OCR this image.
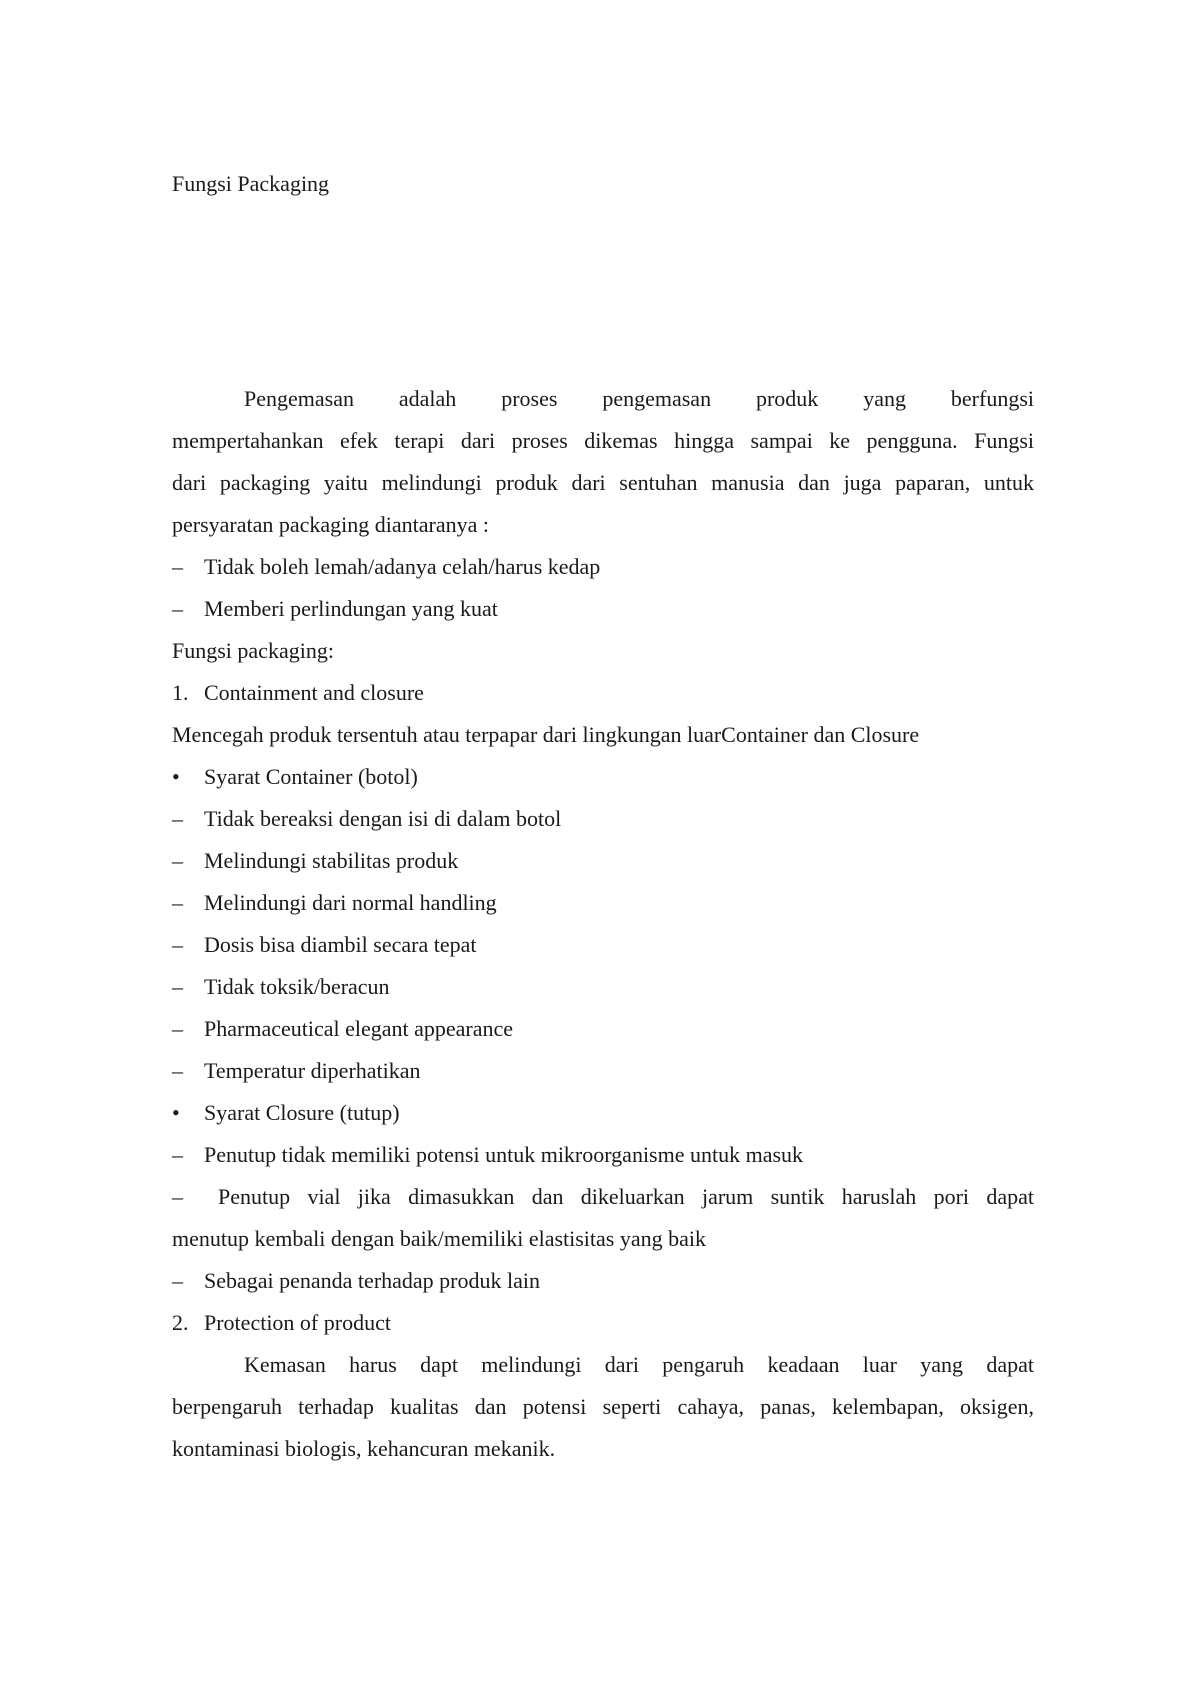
Fungsi Packaging
Pengemasan adalah proses pengemasan produk yang berfungsi
mempertahankan efek terapi dari proses dikemas hingga sampai ke pengguna. Fungsi
dari packaging yaitu melindungi produk dari sentuhan manusia dan juga paparan, untuk
persyaratan packaging diantaranya :
– Tidak boleh lemah/adanya celah/harus kedap
– Memberi perlindungan yang kuat
Fungsi packaging:
1. Containment and closure
Mencegah produk tersentuh atau terpapar dari lingkungan luarContainer dan Closure
• Syarat Container (botol)
– Tidak bereaksi dengan isi di dalam botol
– Melindungi stabilitas produk
– Melindungi dari normal handling
– Dosis bisa diambil secara tepat
– Tidak toksik/beracun
– Pharmaceutical elegant appearance
– Temperatur diperhatikan
• Syarat Closure (tutup)
– Penutup tidak memiliki potensi untuk mikroorganisme untuk masuk
–	Penutup vial jika dimasukkan dan dikeluarkan jarum suntik haruslah pori dapat
menutup kembali dengan baik/memiliki elastisitas yang baik
– Sebagai penanda terhadap produk lain
2. Protection of product
Kemasan harus dapt melindungi dari pengaruh keadaan luar yang dapat
berpengaruh terhadap kualitas dan potensi seperti cahaya, panas, kelembapan, oksigen,
kontaminasi biologis, kehancuran mekanik.
